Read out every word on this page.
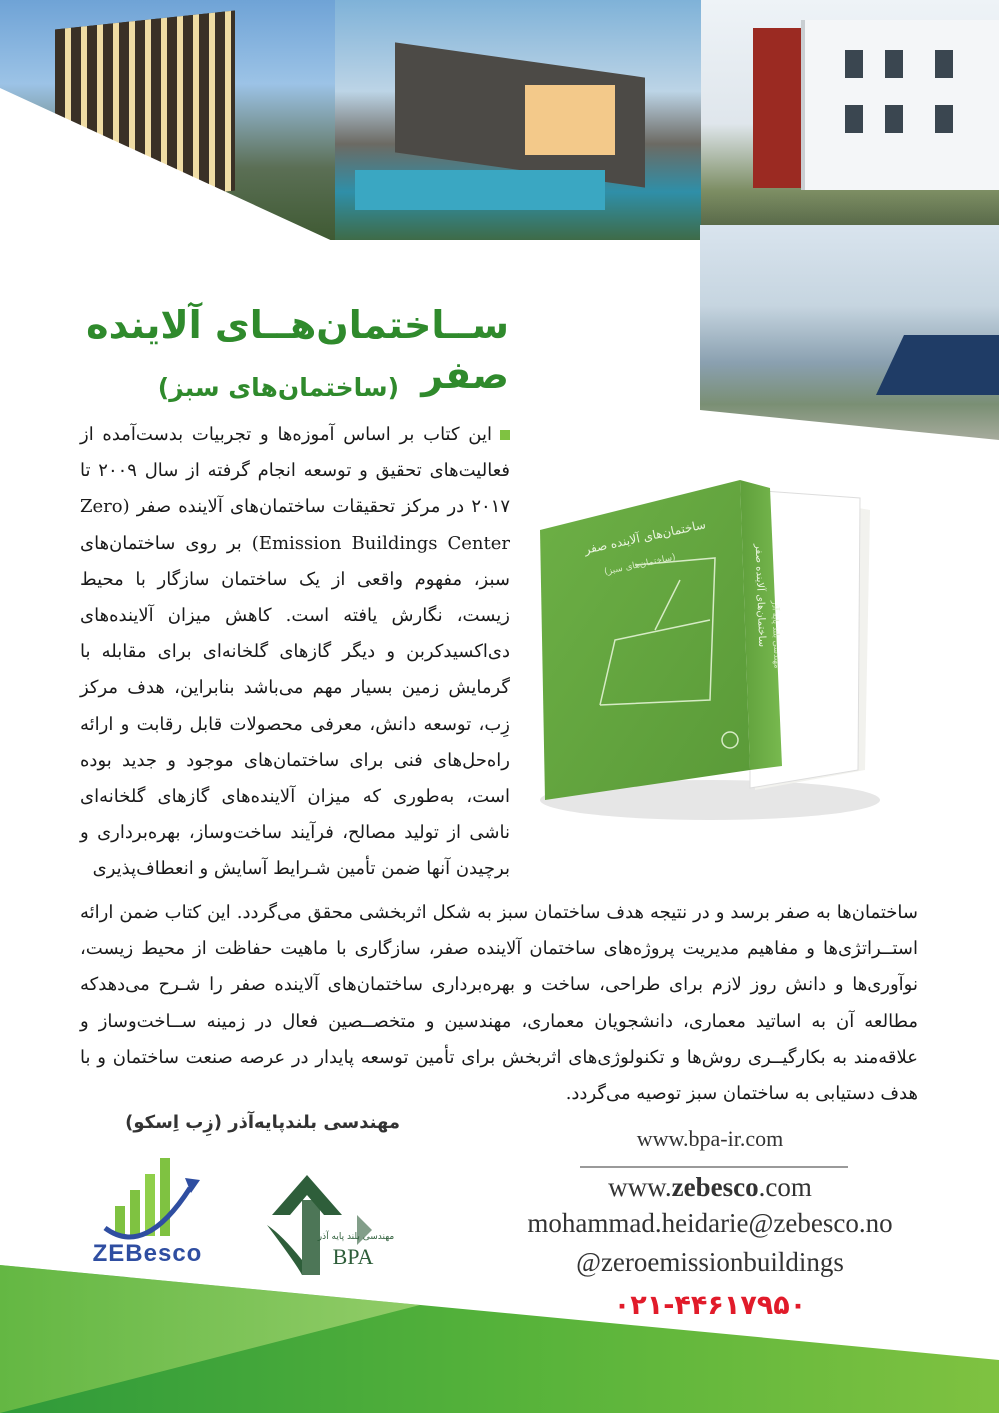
ســاختمان‌هــای آلاینده صفر
(ساختمان‌های سبز)
این کتاب بر اساس آموزه‌ها و تجربیات بدست‌آمده از فعالیت‌های تحقیق و توسعه انجام گرفته از سال ۲۰۰۹ تا ۲۰۱۷ در مرکز تحقیقات ساختمان‌های آلاینده صفر (Zero Emission Buildings Center) بر روی ساختمان‌های سبز، مفهوم واقعی از یک ساختمان سازگار با محیط زیست، نگارش یافته است. کاهش میزان آلاینده‌های دی‌اکسیدکربن و دیگر گازهای گلخانه‌ای برای مقابله با گرمایش زمین بسیار مهم می‌باشد بنابراین، هدف مرکز زِب، توسعه دانش، معرفی محصولات قابل رقابت و ارائه راه‌حل‌های فنی برای ساختمان‌های موجود و جدید بوده است، به‌طوری که میزان آلاینده‌های گازهای گلخانه‌ای ناشی از تولید مصالح، فرآیند ساخت‌وساز، بهره‌برداری و برچیدن آنها ضمن تأمین شـرایط آسایش و انعطاف‌پذیری
ساختمان‌ها به صفر برسد و در نتیجه هدف ساختمان سبز به شکل اثربخشی محقق می‌گردد. این کتاب ضمن ارائه استــراتژی‌ها و مفاهیم مدیریت پروژه‌های ساختمان آلاینده صفر، سازگاری با ماهیت حفاظت از محیط زیست، نوآوری‌ها و دانش روز لازم برای طراحی، ساخت و بهره‌برداری ساختمان‌های آلاینده صفر را شـرح می‌دهدکه مطالعه آن به اساتید معماری، دانشجویان معماری، مهندسین و متخصــصین فعال در زمینه ســاخت‌وساز و علاقه‌مند به بکارگیــری روش‌ها و تکنولوژی‌های اثربخش برای تأمین توسعه پایدار در عرصه صنعت ساختمان و با هدف دستیابی به ساختمان سبز توصیه می‌گردد.
ساختمان‌های آلاینده صفر
(ساختمان‌های سبز)	ساختمان‌های آلاینده صفر مهندسی بلند پایه آذر
مهندسی بلندپایه‌آذر (زِب اِسکو)
ZEBesco
مهندسی بلند پایه آذر
BPA
www.bpa-ir.com
www.zebesco.com
mohammad.heidarie@zebesco.no
@zeroemissionbuildings
۰۲۱-۴۴۶۱۷۹۵۰
